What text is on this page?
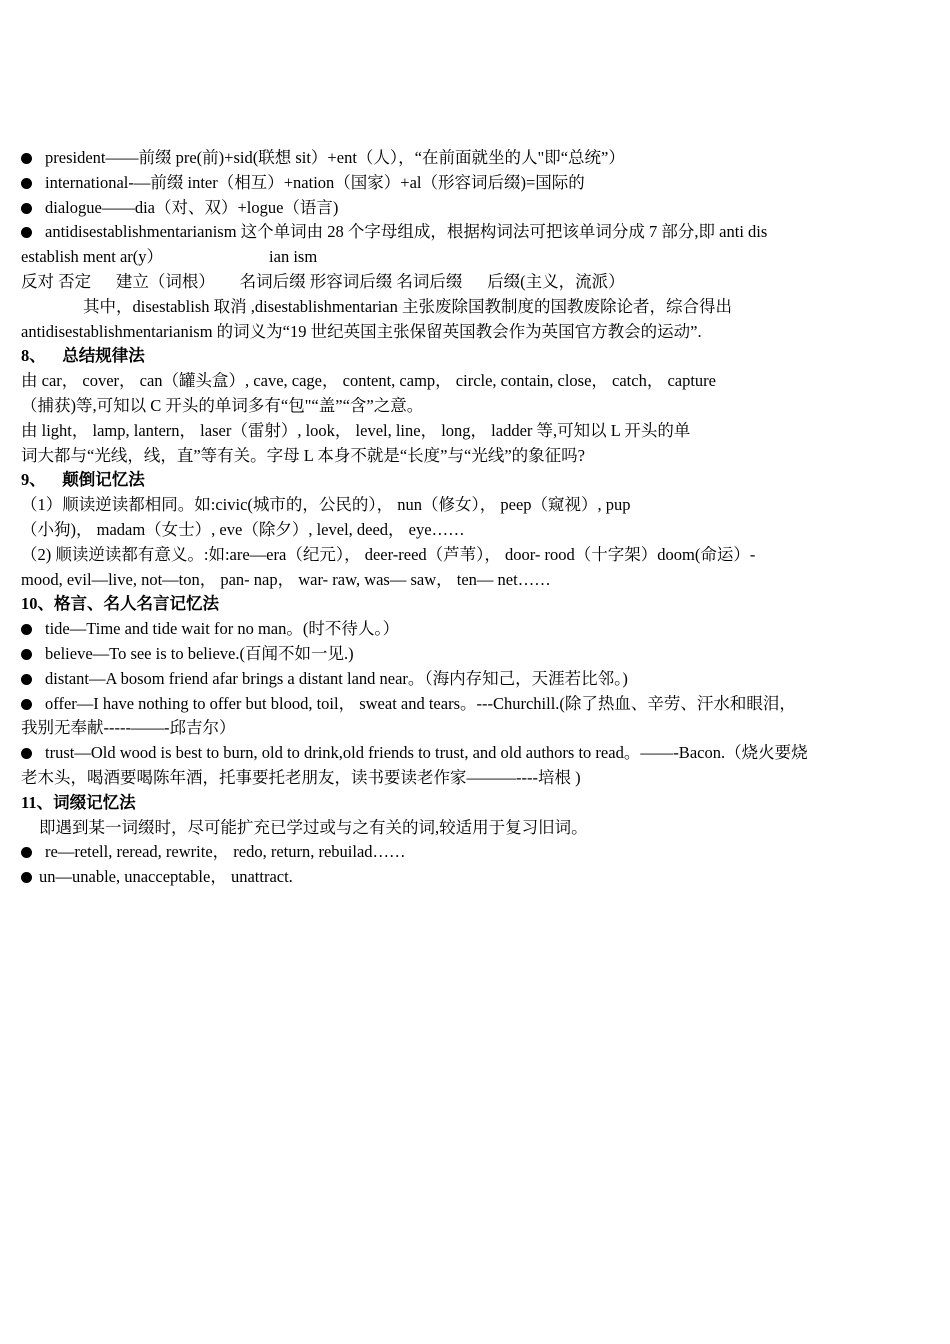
president——前缀 pre(前)+sid(联想 sit）+ent（人），“在前面就坐的人"即“总统”）
international-—前缀 inter（相互）+nation（国家）+al（形容词后缀)=国际的
dialogue——dia（对、双）+logue（语言)
antidisestablishmentarianism 这个单词由 28 个字母组成，根据构词法可把该单词分成 7 部分,即 anti dis
establish ment ar(y）	ian ism
反对 否定      建立（词根）      名词后缀 形容词后缀 名词后缀      后缀(主义，流派）
其中，disestablish 取消 ,disestablishmentarian 主张废除国教制度的国教废除论者，综合得出
antidisestablishmentarianism 的词义为“19 世纪英国主张保留英国教会作为英国官方教会的运动”.
8、    总结规律法
由 car， cover， can（罐头盒）, cave, cage， content, camp， circle, contain, close， catch， capture
（捕获)等,可知以 C 开头的单词多有“包"“盖”“含”之意。
由 light， lamp, lantern， laser（雷射）, look， level, line， long， ladder 等,可知以 L 开头的单
词大都与“光线，线，直”等有关。字母 L 本身不就是“长度”与“光线”的象征吗?
9、    颠倒记忆法
（1）顺读逆读都相同。如:civic(城市的，公民的）， nun（修女）， peep（窥视）, pup
（小狗)， madam（女士）, eve（除夕）, level, deed， eye……
（2) 顺读逆读都有意义。:如:are—era（纪元）， deer-reed（芦苇）， door- rood（十字架）doom(命运）-
mood, evil—live, not—ton， pan- nap， war- raw, was— saw， ten— net……
10、格言、名人名言记忆法
tide—Time and tide wait for no man。(时不待人。）
believe—To see is to believe.(百闻不如一见.)
distant—A bosom friend afar brings a distant land near。（海内存知己，天涯若比邻。)
offer—I have nothing to offer but blood, toil， sweat and tears。---Churchill.(除了热血、辛劳、汗水和眼泪，
我别无奉献-----——-邱吉尔）
trust—Old wood is best to burn, old to drink,old friends to trust, and old authors to read。——-Bacon.（烧火要烧
老木头，喝酒要喝陈年酒，托事要托老朋友，读书要读老作家———----培根 )
11、词缀记忆法
即遇到某一词缀时，尽可能扩充已学过或与之有关的词,较适用于复习旧词。
re—retell, reread, rewrite， redo, return, rebuilad……
un—unable, unacceptable， unattract.
